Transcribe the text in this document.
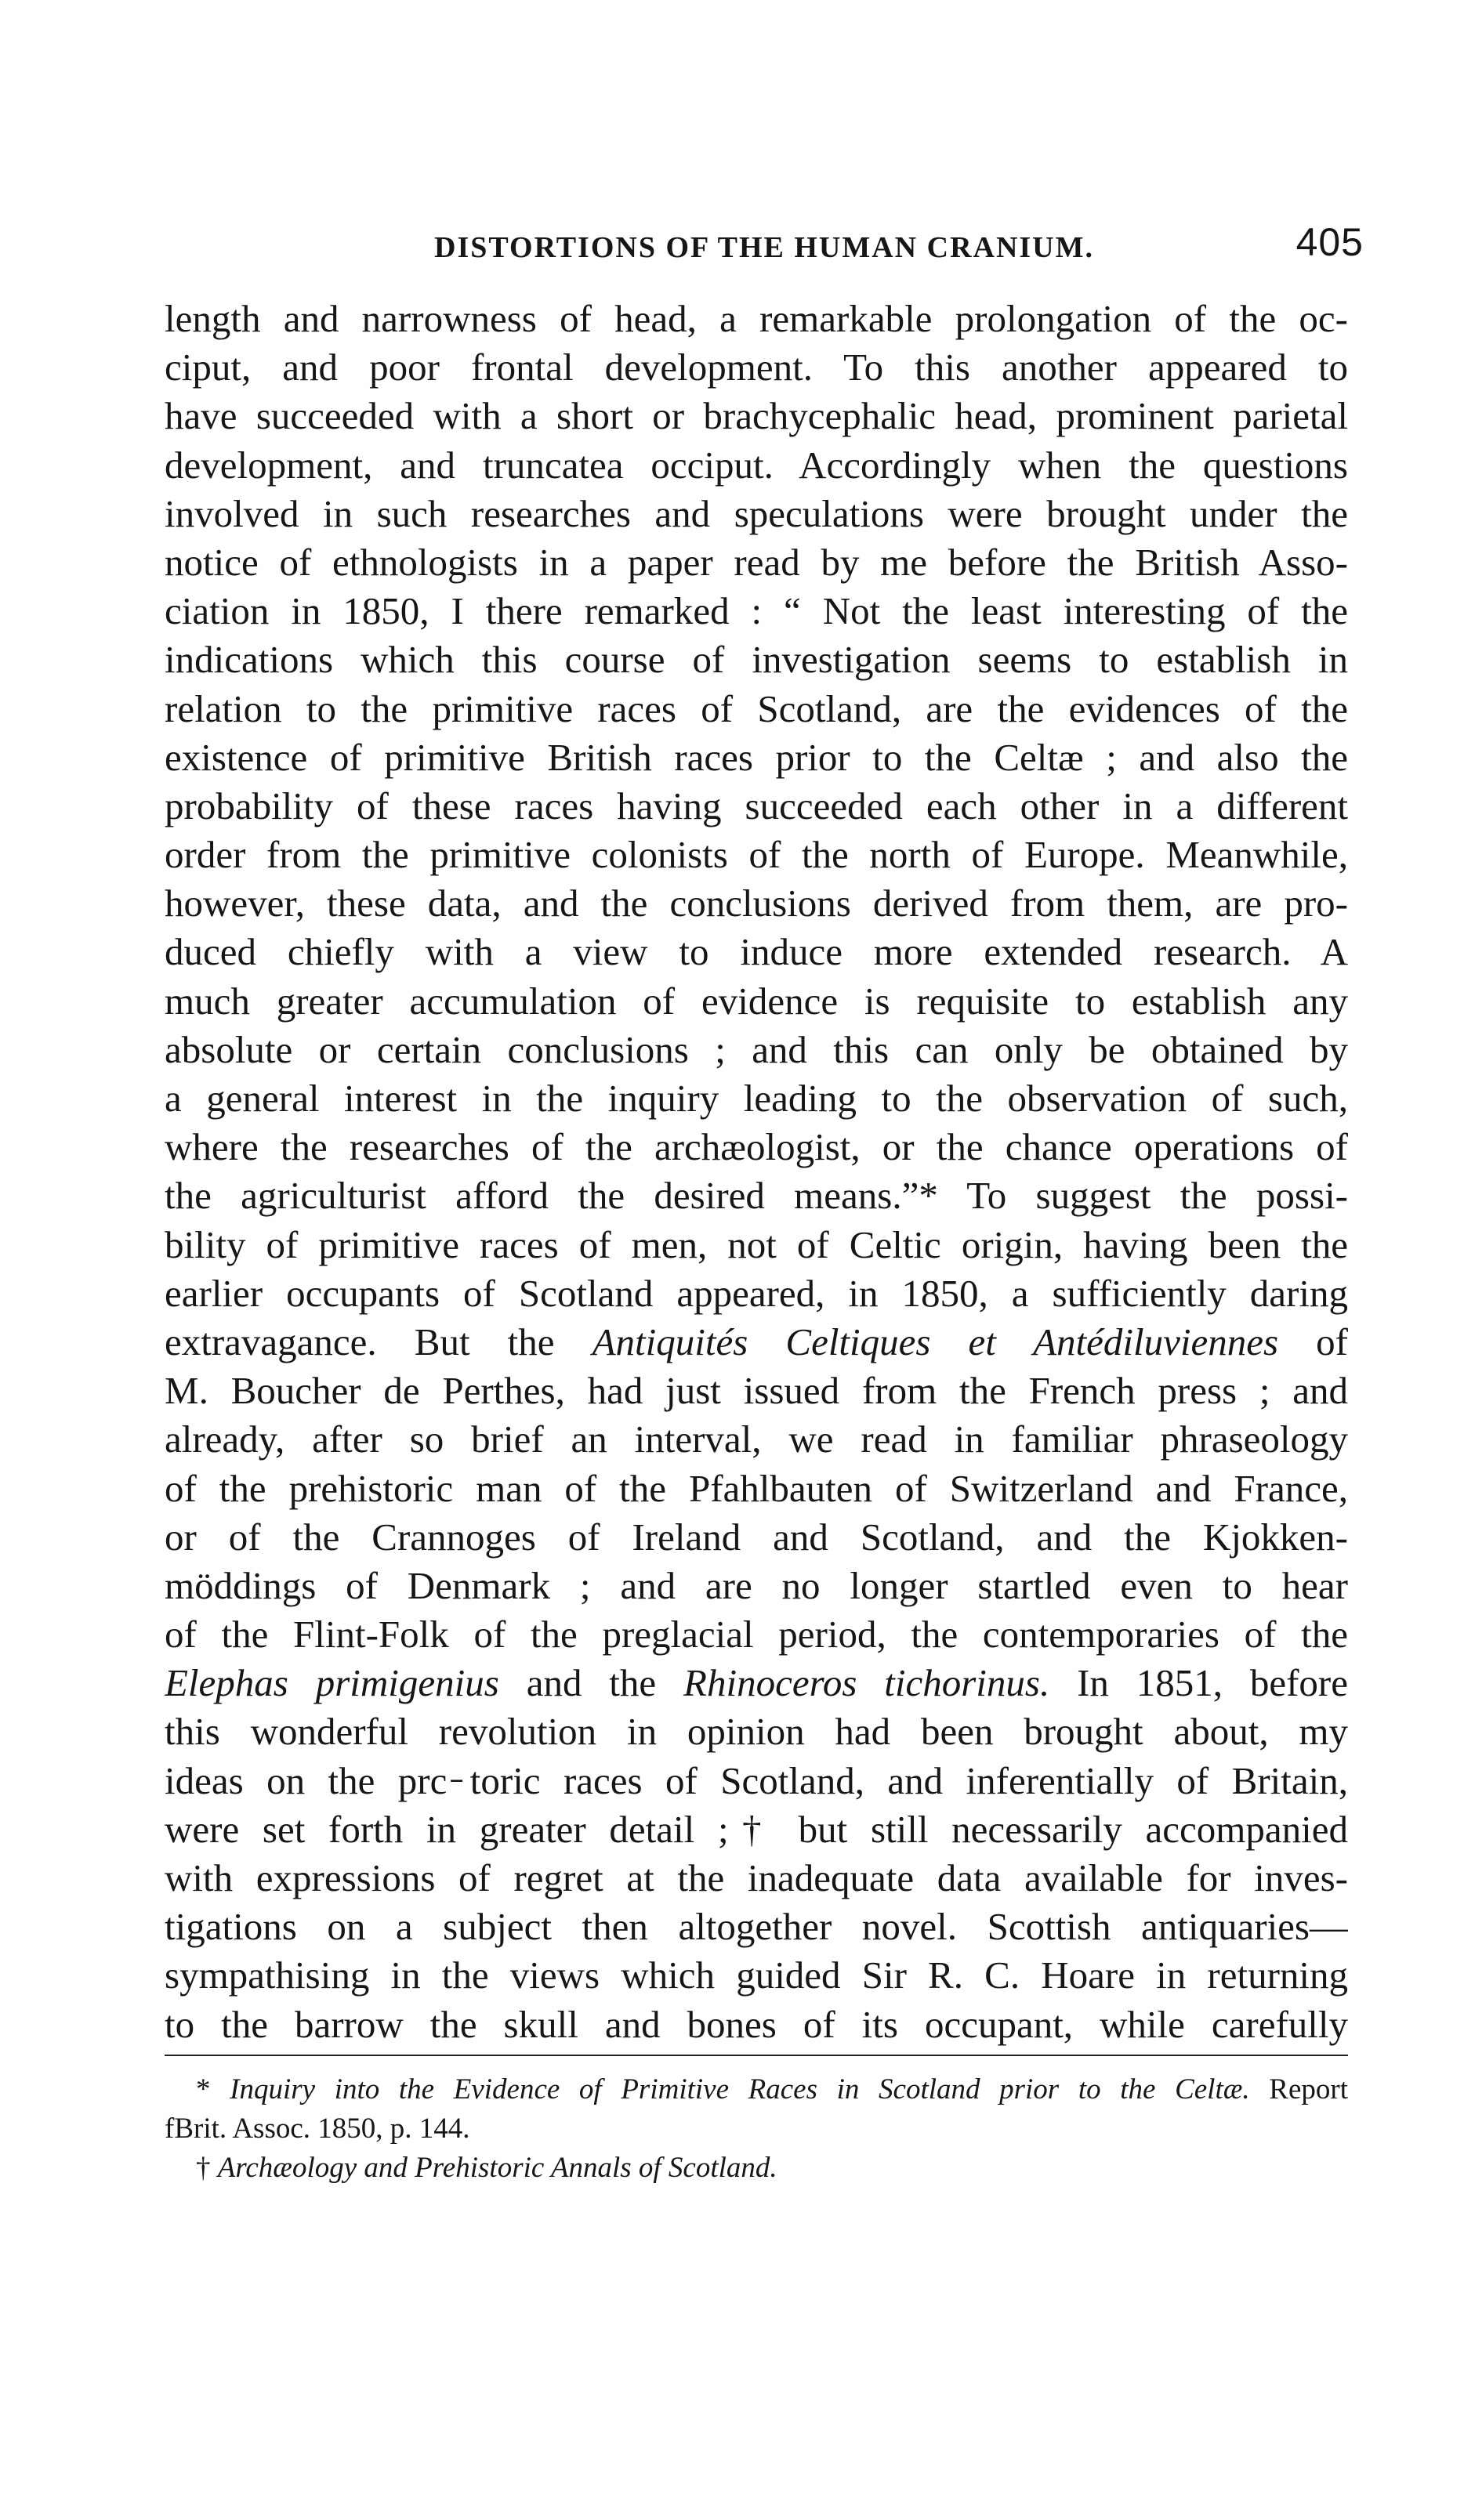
DISTORTIONS OF THE HUMAN CRANIUM.	405
length and narrowness of head, a remarkable prolongation of the oc-
ciput, and poor frontal development. To this another appeared to
have succeeded with a short or brachycephalic head, prominent parietal
development, and truncatea occiput. Accordingly when the questions
involved in such researches and speculations were brought under the
notice of ethnologists in a paper read by me before the British Asso-
ciation in 1850, I there remarked : “ Not the least interesting of the
indications which this course of investigation seems to establish in
relation to the primitive races of Scotland, are the evidences of the
existence of primitive British races prior to the Celtæ ; and also the
probability of these races having succeeded each other in a different
order from the primitive colonists of the north of Europe. Meanwhile,
however, these data, and the conclusions derived from them, are pro-
duced chiefly with a view to induce more extended research. A
much greater accumulation of evidence is requisite to establish any
absolute or certain conclusions ; and this can only be obtained by
a general interest in the inquiry leading to the observation of such,
where the researches of the archæologist, or the chance operations of
the agriculturist afford the desired means.”* To suggest the possi-
bility of primitive races of men, not of Celtic origin, having been the
earlier occupants of Scotland appeared, in 1850, a sufficiently daring
extravagance. But the Antiquités Celtiques et Antédiluviennes of
M. Boucher de Perthes, had just issued from the French press ; and
already, after so brief an interval, we read in familiar phraseology
of the prehistoric man of the Pfahlbauten of Switzerland and France,
or of the Crannoges of Ireland and Scotland, and the Kjokken-
möddings of Denmark ; and are no longer startled even to hear
of the Flint-Folk of the preglacial period, the contemporaries of the
Elephas primigenius and the Rhinoceros tichorinus. In 1851, before
this wonderful revolution in opinion had been brought about, my
ideas on the prc ̵toric races of Scotland, and inferentially of Britain,
were set forth in greater detail ;† but still necessarily accompanied
with expressions of regret at the inadequate data available for inves-
tigations on a subject then altogether novel. Scottish antiquaries—
sympathising in the views which guided Sir R. C. Hoare in returning
to the barrow the skull and bones of its occupant, while carefully
* Inquiry into the Evidence of Primitive Races in Scotland prior to the Celtæ. Report
fBrit. Assoc. 1850, p. 144.
† Archæology and Prehistoric Annals of Scotland.
